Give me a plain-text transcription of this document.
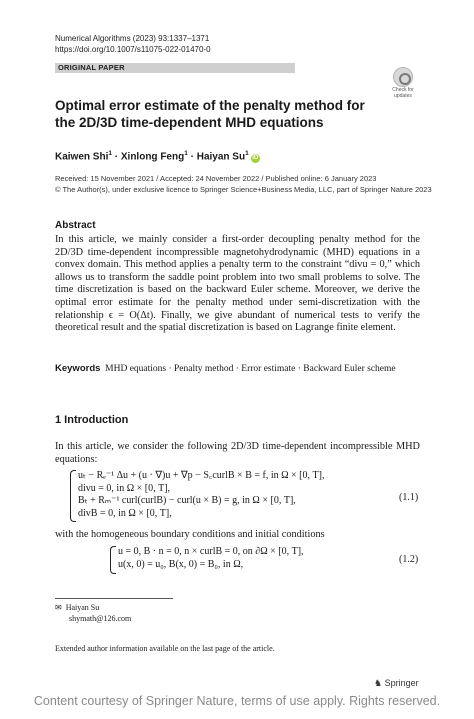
Numerical Algorithms (2023) 93:1337–1371
https://doi.org/10.1007/s11075-022-01470-0
ORIGINAL PAPER
Check for updates
Optimal error estimate of the penalty method for the 2D/3D time-dependent MHD equations
Kaiwen Shi$^1$ · Xinlong Feng$^1$ · Haiyan Su$^1$iD
Received: 15 November 2021 / Accepted: 24 November 2022 / Published online: 6 January 2023
© The Author(s), under exclusive licence to Springer Science+Business Media, LLC, part of Springer Nature 2023
Abstract
In this article, we mainly consider a first-order decoupling penalty method for the 2D/3D time-dependent incompressible magnetohydrodynamic (MHD) equations in a convex domain. This method applies a penalty term to the constraint “divu = 0,” which allows us to transform the saddle point problem into two small problems to solve. The time discretization is based on the backward Euler scheme. Moreover, we derive the optimal error estimate for the penalty method under semi-discretization with the relationship ϵ = O(Δt). Finally, we give abundant of numerical tests to verify the theoretical result and the spatial discretization is based on Lagrange finite element.
Keywords MHD equations · Penalty method · Error estimate · Backward Euler scheme
1 Introduction
In this article, we consider the following 2D/3D time-dependent incompressible MHD equations:
uₜ − Rₑ⁻¹ Δu + (u · ∇)u + ∇p − S꜀curlB × B = f, in Ω × [0, T],
divu = 0, in Ω × [0, T],
Bₜ + Rₘ⁻¹ curl(curlB) − curl(u × B) = g, in Ω × [0, T],
divB = 0, in Ω × [0, T],
(1.1)
with the homogeneous boundary conditions and initial conditions
u = 0, B · n = 0, n × curlB = 0, on ∂Ω × [0, T],
u(x, 0) = u₀, B(x, 0) = B₀, in Ω,	(1.2)
✉ Haiyan Su
shymath@126.com
Extended author information available on the last page of the article.
♞ Springer
Content courtesy of Springer Nature, terms of use apply. Rights reserved.
